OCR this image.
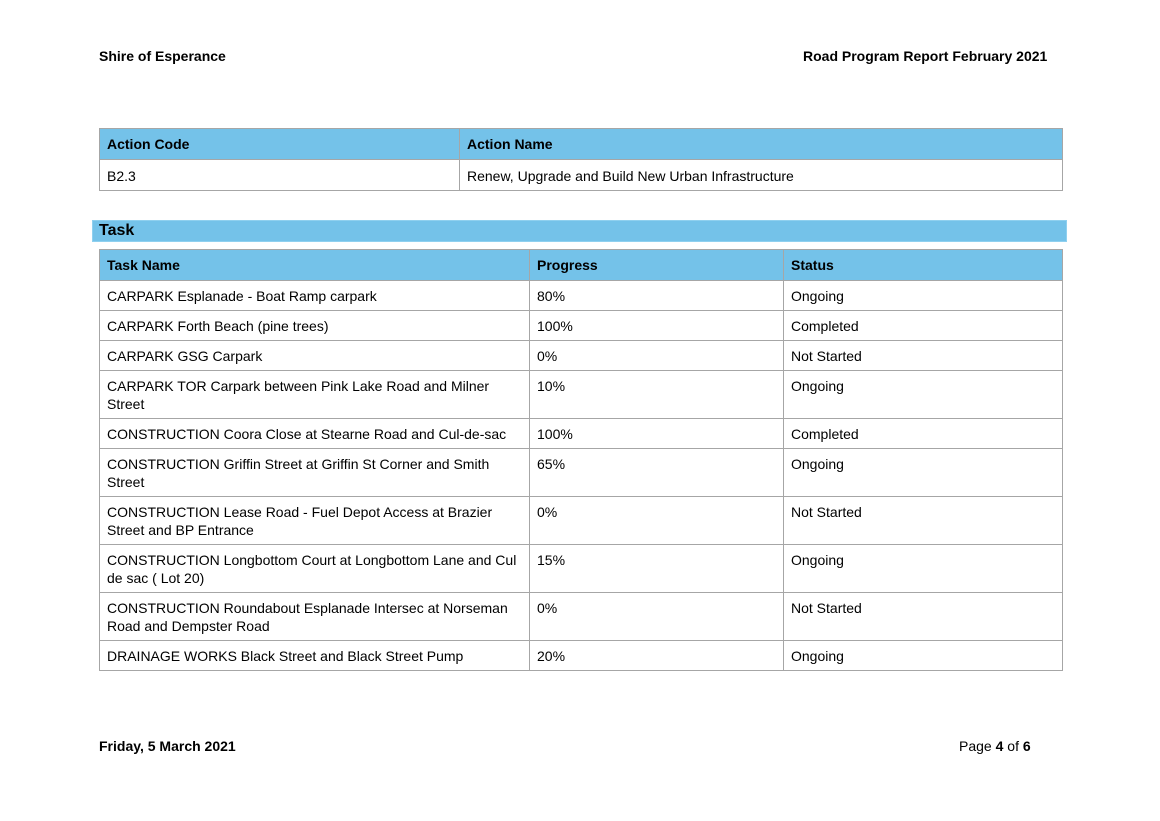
Shire of Esperance	Road Program Report February 2021
Action Code	Action Name
B2.3	Renew, Upgrade and Build New Urban Infrastructure
Task
Task Name	Progress	Status
CARPARK Esplanade - Boat Ramp carpark	80%	Ongoing
CARPARK Forth Beach (pine trees)	100%	Completed
CARPARK GSG Carpark	0%	Not Started
CARPARK TOR Carpark between Pink Lake Road and Milner Street	10%	Ongoing
CONSTRUCTION Coora Close at Stearne Road and Cul-de-sac	100%	Completed
CONSTRUCTION Griffin Street at Griffin St Corner and Smith Street	65%	Ongoing
CONSTRUCTION Lease Road - Fuel Depot Access at Brazier Street and BP Entrance	0%	Not Started
CONSTRUCTION Longbottom Court at Longbottom Lane and Cul de sac ( Lot 20)	15%	Ongoing
CONSTRUCTION Roundabout Esplanade Intersec at Norseman Road and Dempster Road	0%	Not Started
DRAINAGE WORKS Black Street and Black Street Pump	20%	Ongoing
Friday, 5 March 2021	Page 4 of 6
